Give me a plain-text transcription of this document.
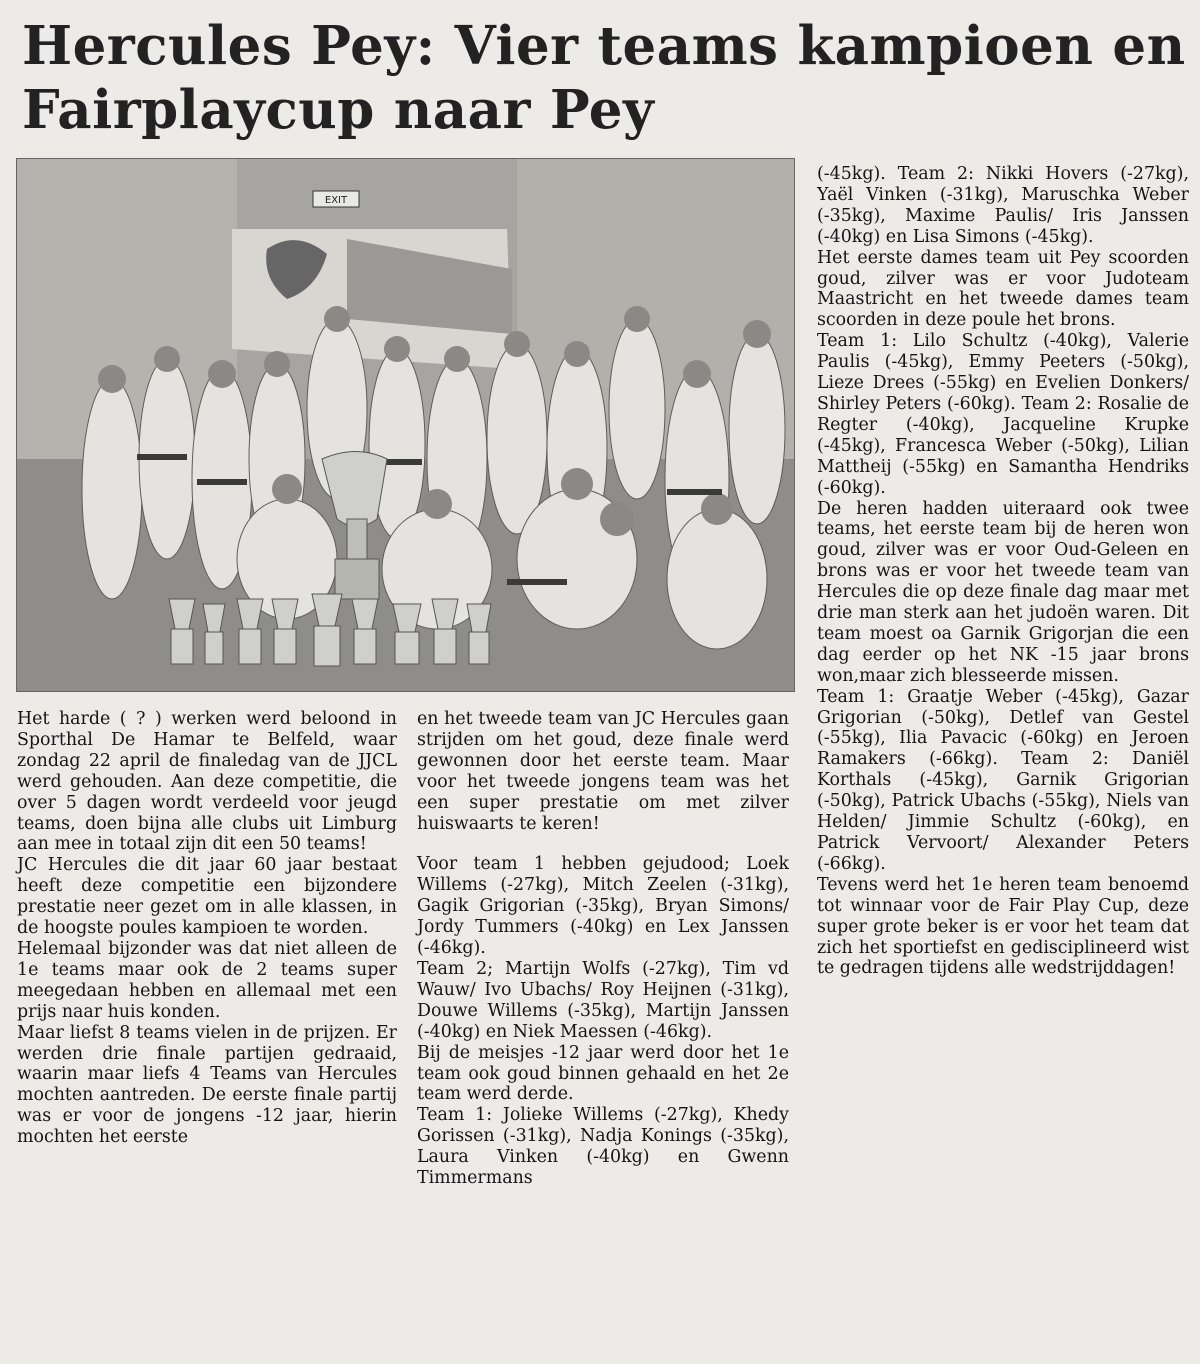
Hercules Pey: Vier teams kampioen en Fairplaycup naar Pey
EXIT

Het harde ( ? ) werken werd beloond in Sporthal De Hamar te Belfeld, waar zondag 22 april de finaledag van de JJCL werd gehouden. Aan deze competitie, die over 5 dagen wordt verdeeld voor jeugd teams, doen bijna alle clubs uit Limburg aan mee in totaal zijn dit een 50 teams!

JC Hercules die dit jaar 60 jaar bestaat heeft deze competitie een bijzondere prestatie neer gezet om in alle klassen, in de hoogste poules kampioen te worden.

Helemaal bijzonder was dat niet alleen de 1e teams maar ook de 2 teams super meegedaan hebben en allemaal met een prijs naar huis konden.

Maar liefst 8 teams vielen in de prijzen. Er werden drie finale partijen gedraaid, waarin maar liefs 4 Teams van Hercules mochten aantreden. De eerste finale partij was er voor de jongens -12 jaar, hierin mochten het eerste

en het tweede team van JC Hercules gaan strijden om het goud, deze finale werd gewonnen door het eerste team. Maar voor het tweede jongens team was het een super prestatie om met zilver huiswaarts te keren!

Voor team 1 hebben gejudood; Loek Willems (-27kg), Mitch Zeelen (-31kg), Gagik Grigorian (-35kg), Bryan Simons/ Jordy Tummers (-40kg) en Lex Janssen (-46kg).

Team 2; Martijn Wolfs (-27kg), Tim vd Wauw/ Ivo Ubachs/ Roy Heijnen (-31kg), Douwe Willems (-35kg), Martijn Janssen (-40kg) en Niek Maessen (-46kg).

Bij de meisjes -12 jaar werd door het 1e team ook goud binnen gehaald en het 2e team werd derde.

Team 1: Jolieke Willems (-27kg), Khedy Gorissen (-31kg), Nadja Konings (-35kg), Laura Vinken (-40kg) en Gwenn Timmermans

(-45kg). Team 2: Nikki Hovers (-27kg), Yaël Vinken (-31kg), Maruschka Weber (-35kg), Maxime Paulis/ Iris Janssen (-40kg) en Lisa Simons (-45kg).

Het eerste dames team uit Pey scoorden goud, zilver was er voor Judoteam Maastricht en het tweede dames team scoorden in deze poule het brons.

Team 1: Lilo Schultz (-40kg), Valerie Paulis (-45kg), Emmy Peeters (-50kg), Lieze Drees (-55kg) en Evelien Donkers/ Shirley Peters (-60kg). Team 2: Rosalie de Regter (-40kg), Jacqueline Krupke (-45kg), Francesca Weber (-50kg), Lilian Mattheij (-55kg) en Samantha Hendriks (-60kg).

De heren hadden uiteraard ook twee teams, het eerste team bij de heren won goud, zilver was er voor Oud-Geleen en brons was er voor het tweede team van Hercules die op deze finale dag maar met drie man sterk aan het judoën waren. Dit team moest oa Garnik Grigorjan die een dag eerder op het NK -15 jaar brons won,maar zich blesseerde missen.

Team 1: Graatje Weber (-45kg), Gazar Grigorian (-50kg), Detlef van Gestel (-55kg), Ilia Pavacic (-60kg) en Jeroen Ramakers (-66kg). Team 2: Daniël Korthals (-45kg), Garnik Grigorian (-50kg), Patrick Ubachs (-55kg), Niels van Helden/ Jimmie Schultz (-60kg), en Patrick Vervoort/ Alexander Peters (-66kg).

Tevens werd het 1e heren team benoemd tot winnaar voor de Fair Play Cup, deze super grote beker is er voor het team dat zich het sportiefst en gedisciplineerd wist te gedragen tijdens alle wedstrijddagen!
